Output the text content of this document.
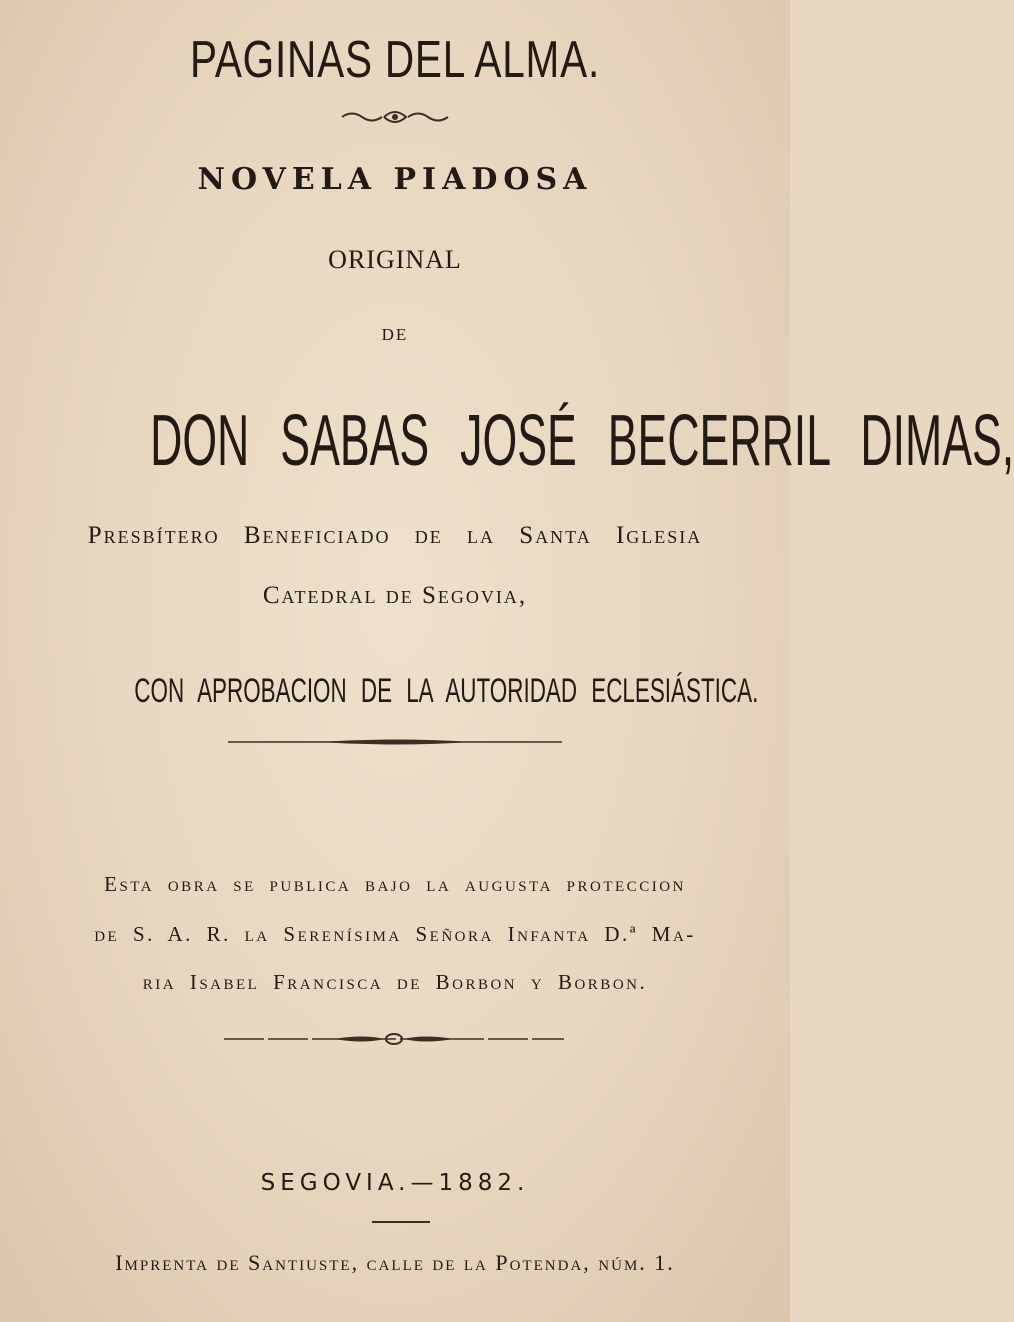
PAGINAS DEL ALMA.
NOVELA PIADOSA
ORIGINAL
DE
DON SABAS JOSÉ BECERRIL DIMAS,
Presbítero Beneficiado de la Santa Iglesia
Catedral de Segovia,
CON APROBACION DE LA AUTORIDAD ECLESIÁSTICA.
Esta obra se publica bajo la augusta proteccion
de S. A. R. la Serenísima Señora Infanta D.ª Ma-
ria Isabel Francisca de Borbon y Borbon.
SEGOVIA.—1882.
Imprenta de Santiuste, calle de la Potenda, núm. 1.
